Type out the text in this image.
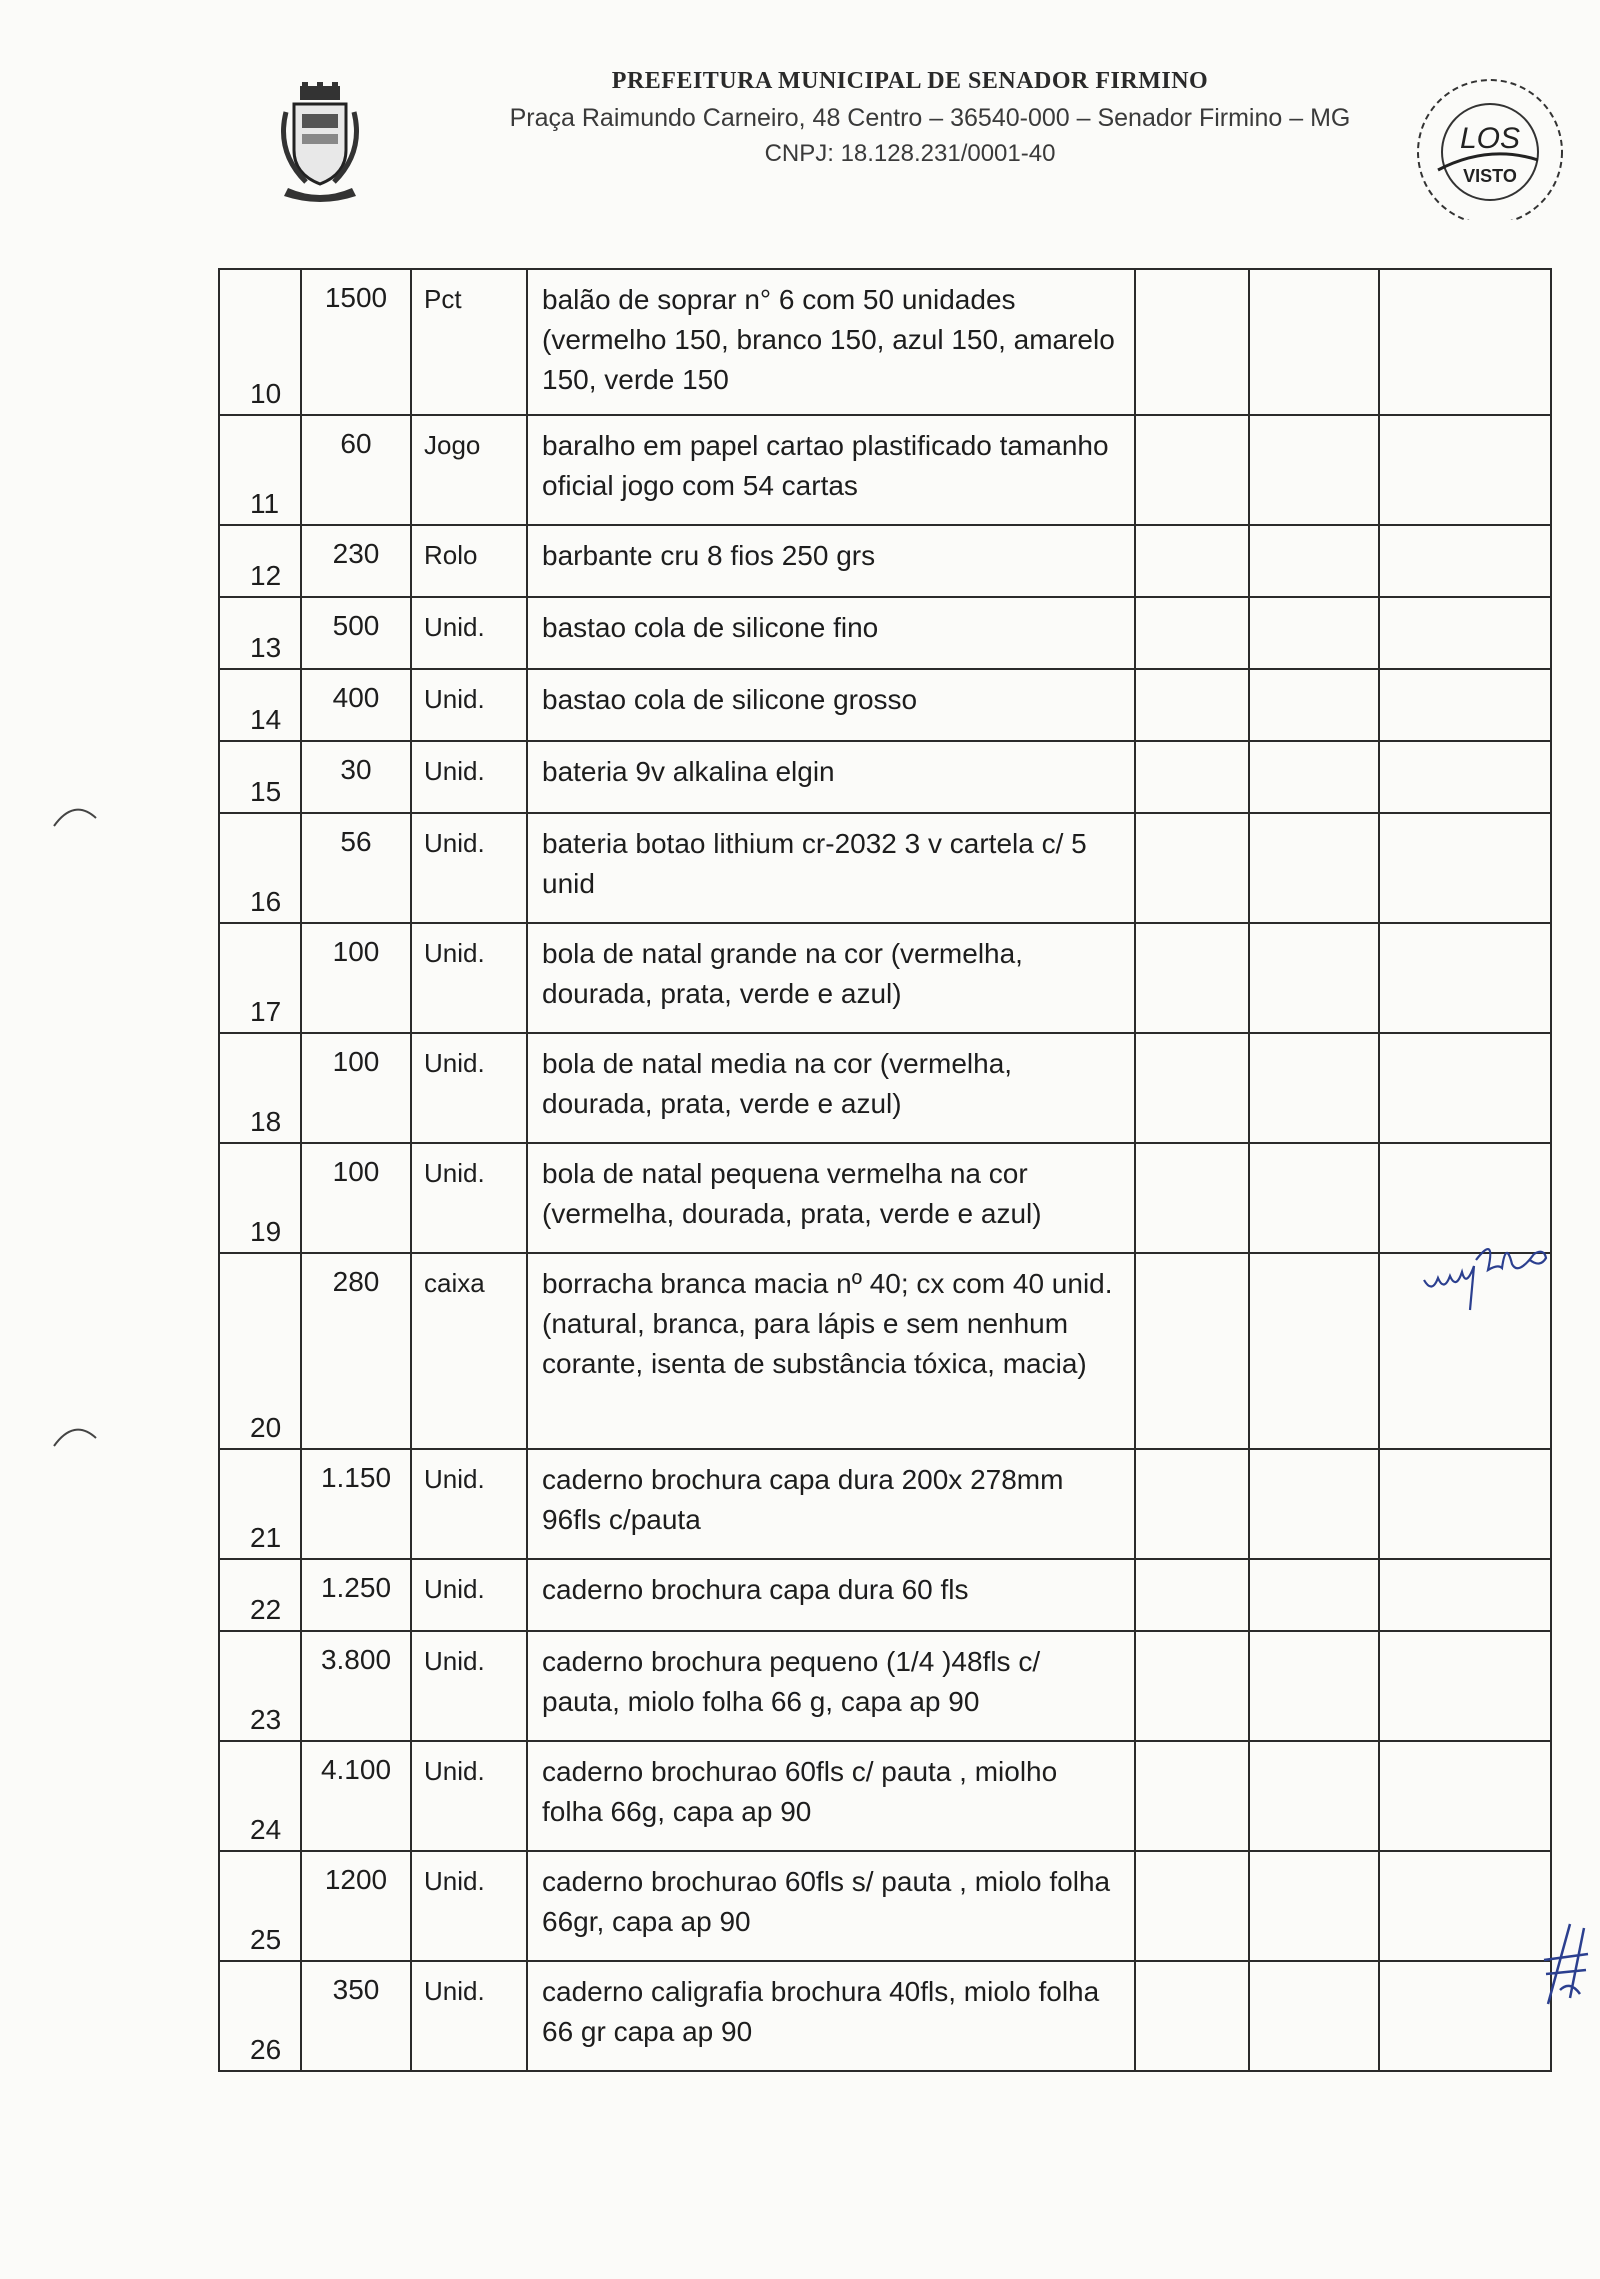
PREFEITURA MUNICIPAL DE SENADOR FIRMINO
Praça Raimundo Carneiro, 48 Centro – 36540-000 – Senador Firmino – MG
CNPJ: 18.128.231/0001-40	LOS
VISTO
10	1500	Pct	balão de soprar n° 6 com 50 unidades (vermelho 150, branco 150, azul 150, amarelo 150, verde 150			
11	60	Jogo	baralho em papel cartao plastificado tamanho oficial jogo com 54 cartas			
12	230	Rolo	barbante cru 8 fios 250 grs			
13	500	Unid.	bastao cola de silicone fino			
14	400	Unid.	bastao cola de silicone grosso			
15	30	Unid.	bateria 9v alkalina elgin			
16	56	Unid.	bateria botao lithium cr-2032 3 v cartela c/ 5 unid			
17	100	Unid.	bola de natal grande na cor (vermelha, dourada, prata, verde e azul)			
18	100	Unid.	bola de natal media na cor (vermelha, dourada, prata, verde e azul)			
19	100	Unid.	bola de natal pequena vermelha na cor (vermelha, dourada, prata, verde e azul)			
20	280	caixa	borracha branca macia nº 40; cx com 40 unid. (natural, branca, para lápis e sem nenhum corante, isenta de substância tóxica, macia)			
21	1.150	Unid.	caderno brochura capa dura 200x 278mm 96fls c/pauta			
22	1.250	Unid.	caderno brochura capa dura 60 fls			
23	3.800	Unid.	caderno brochura pequeno (1/4 )48fls c/ pauta, miolo folha 66 g, capa ap 90			
24	4.100	Unid.	caderno brochurao 60fls c/ pauta , miolho folha 66g, capa ap 90			
25	1200	Unid.	caderno brochurao 60fls s/ pauta , miolo folha 66gr, capa ap 90			
26	350	Unid.	caderno caligrafia brochura 40fls, miolo folha 66 gr capa ap 90			
